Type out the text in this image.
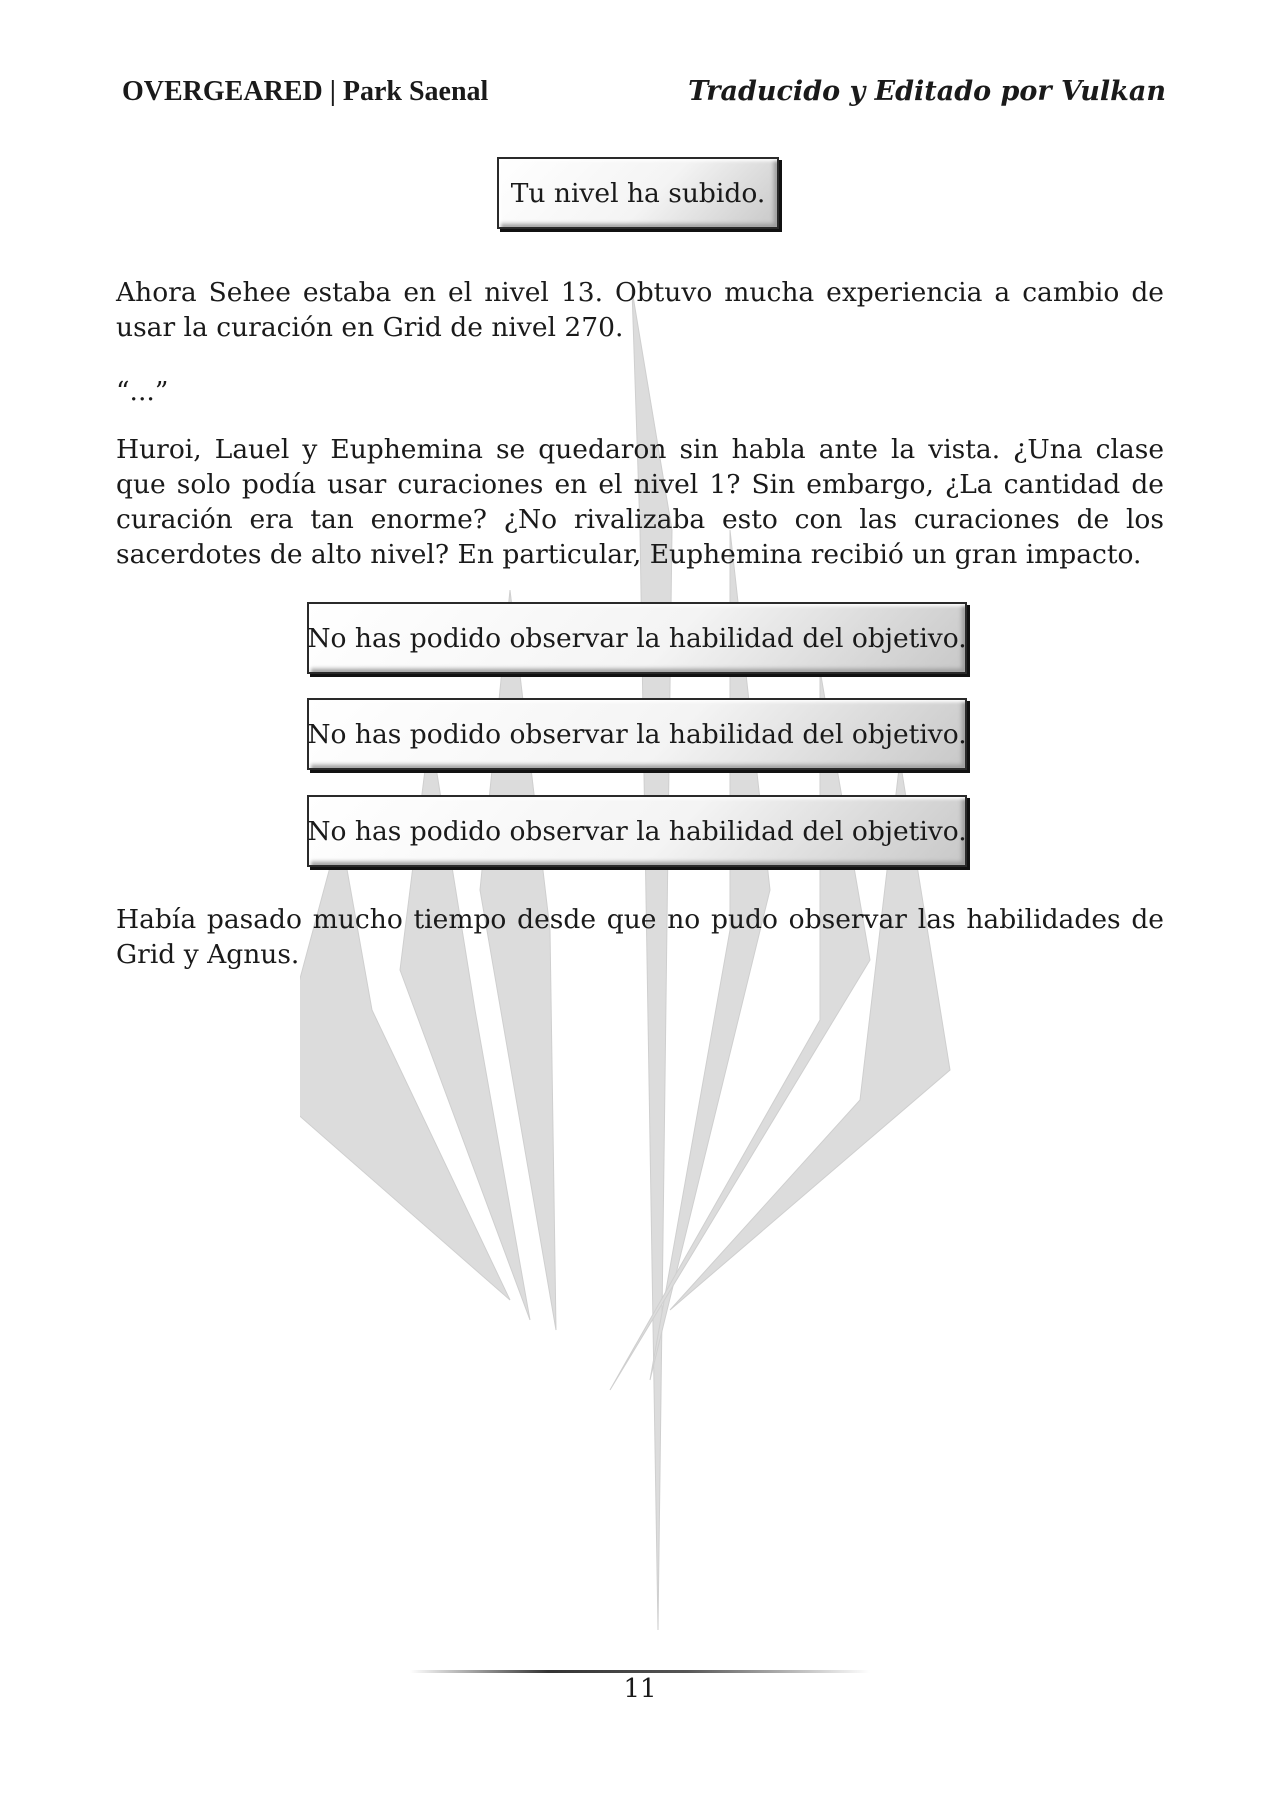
OVERGEARED | Park Saenal	Traducido y Editado por Vulkan
Tu nivel ha subido.

Ahora Sehee estaba en el nivel 13. Obtuvo mucha experiencia a cambio de usar la curación en Grid de nivel 270.

“...”

Huroi, Lauel y Euphemina se quedaron sin habla ante la vista. ¿Una clase que solo podía usar curaciones en el nivel 1? Sin embargo, ¿La cantidad de curación era tan enorme? ¿No rivalizaba esto con las curaciones de los sacerdotes de alto nivel? En particular, Euphemina recibió un gran impacto.

No has podido observar la habilidad del objetivo.
No has podido observar la habilidad del objetivo.
No has podido observar la habilidad del objetivo.

Había pasado mucho tiempo desde que no pudo observar las habilidades de Grid y Agnus.

11
